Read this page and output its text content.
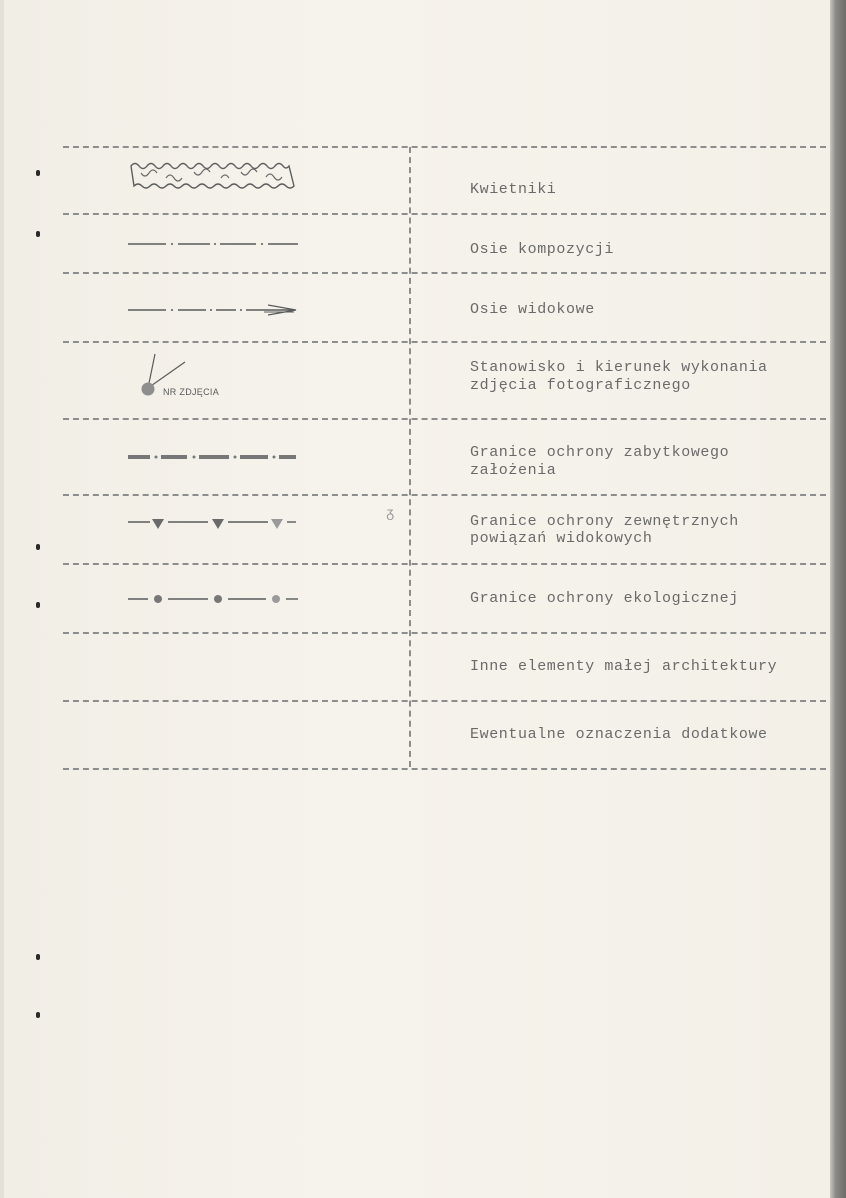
Kwietniki
Osie kompozycji
Osie widokowe
NR ZDJĘCIA
Stanowisko i kierunek wykonania
zdjęcia fotograficznego
Granice ochrony zabytkowego
założenia
ᵹ	Granice ochrony zewnętrznych
powiązań widokowych
Granice ochrony ekologicznej
Inne elementy małej architektury
Ewentualne oznaczenia dodatkowe
